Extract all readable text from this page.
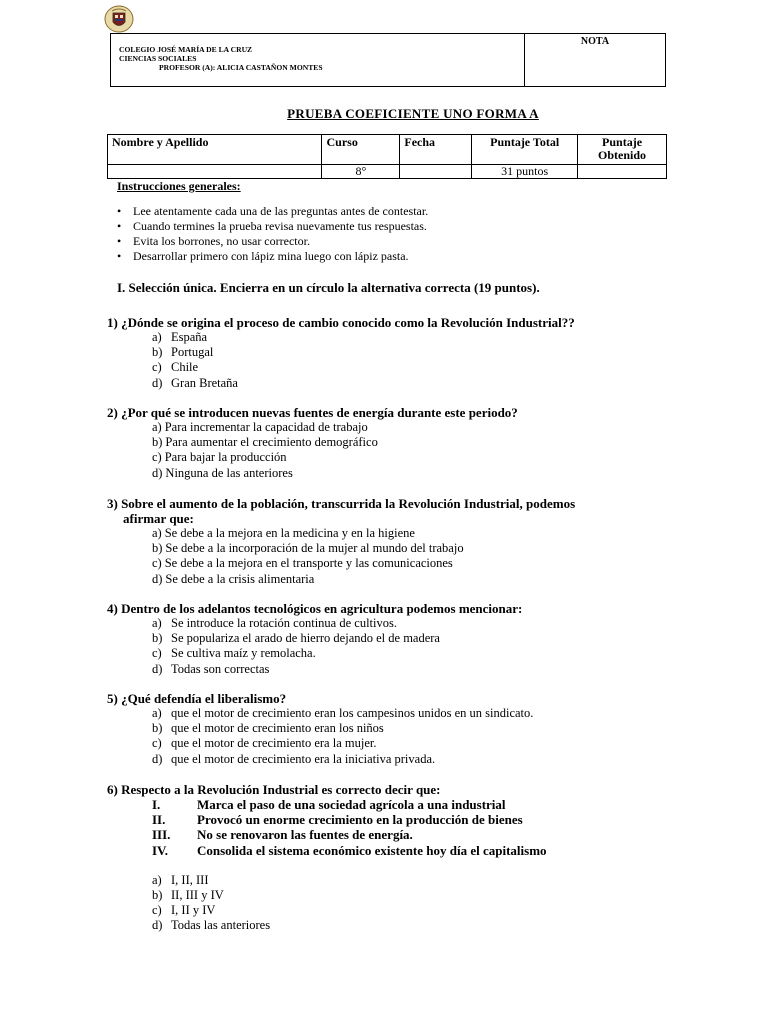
COLEGIO JOSÉ MARÍA DE LA CRUZ
CIENCIAS SOCIALES
PROFESOR (A): ALICIA CASTAÑON MONTES
NOTA
PRUEBA COEFICIENTE UNO FORMA A
Nombre y Apellido	Curso	Fecha	Puntaje Total	Puntaje Obtenido
	8°		31 puntos	
Instrucciones generales:
• Lee atentamente cada una de las preguntas antes de contestar.
• Cuando termines la prueba revisa nuevamente tus respuestas.
• Evita los borrones, no usar corrector.
• Desarrollar primero con lápiz mina luego con lápiz pasta.
I. Selección única. Encierra en un círculo la alternativa correcta (19 puntos).
1) ¿Dónde se origina el proceso de cambio conocido como la Revolución Industrial??
a) España
b) Portugal
c) Chile
d) Gran Bretaña
2) ¿Por qué se introducen nuevas fuentes de energía durante este periodo?
a) Para incrementar la capacidad de trabajo
b) Para aumentar el crecimiento demográfico
c) Para bajar la producción
d) Ninguna de las anteriores
3) Sobre el aumento de la población, transcurrida la Revolución Industrial, podemos
afirmar que:
a) Se debe a la mejora en la medicina y en la higiene
b) Se debe a la incorporación de la mujer al mundo del trabajo
c) Se debe a la mejora en el transporte y las comunicaciones
d) Se debe a la crisis alimentaria
4) Dentro de los adelantos tecnológicos en agricultura podemos mencionar:
a) Se introduce la rotación continua de cultivos.
b) Se populariza el arado de hierro dejando el de madera
c) Se cultiva maíz y remolacha.
d) Todas son correctas
5) ¿Qué defendía el liberalismo?
a) que el motor de crecimiento eran los campesinos unidos en un sindicato.
b) que el motor de crecimiento eran los niños
c) que el motor de crecimiento era la mujer.
d) que el motor de crecimiento era la iniciativa privada.
6) Respecto a la Revolución Industrial es correcto decir que:
I.	Marca el paso de una sociedad agrícola a una industrial
II. Provocó un enorme crecimiento en la producción de bienes
III. No se renovaron las fuentes de energía.
IV. Consolida el sistema económico existente hoy día el capitalismo
a) I, II, III
b) II, III y IV
c) I, II y IV
d) Todas las anteriores
